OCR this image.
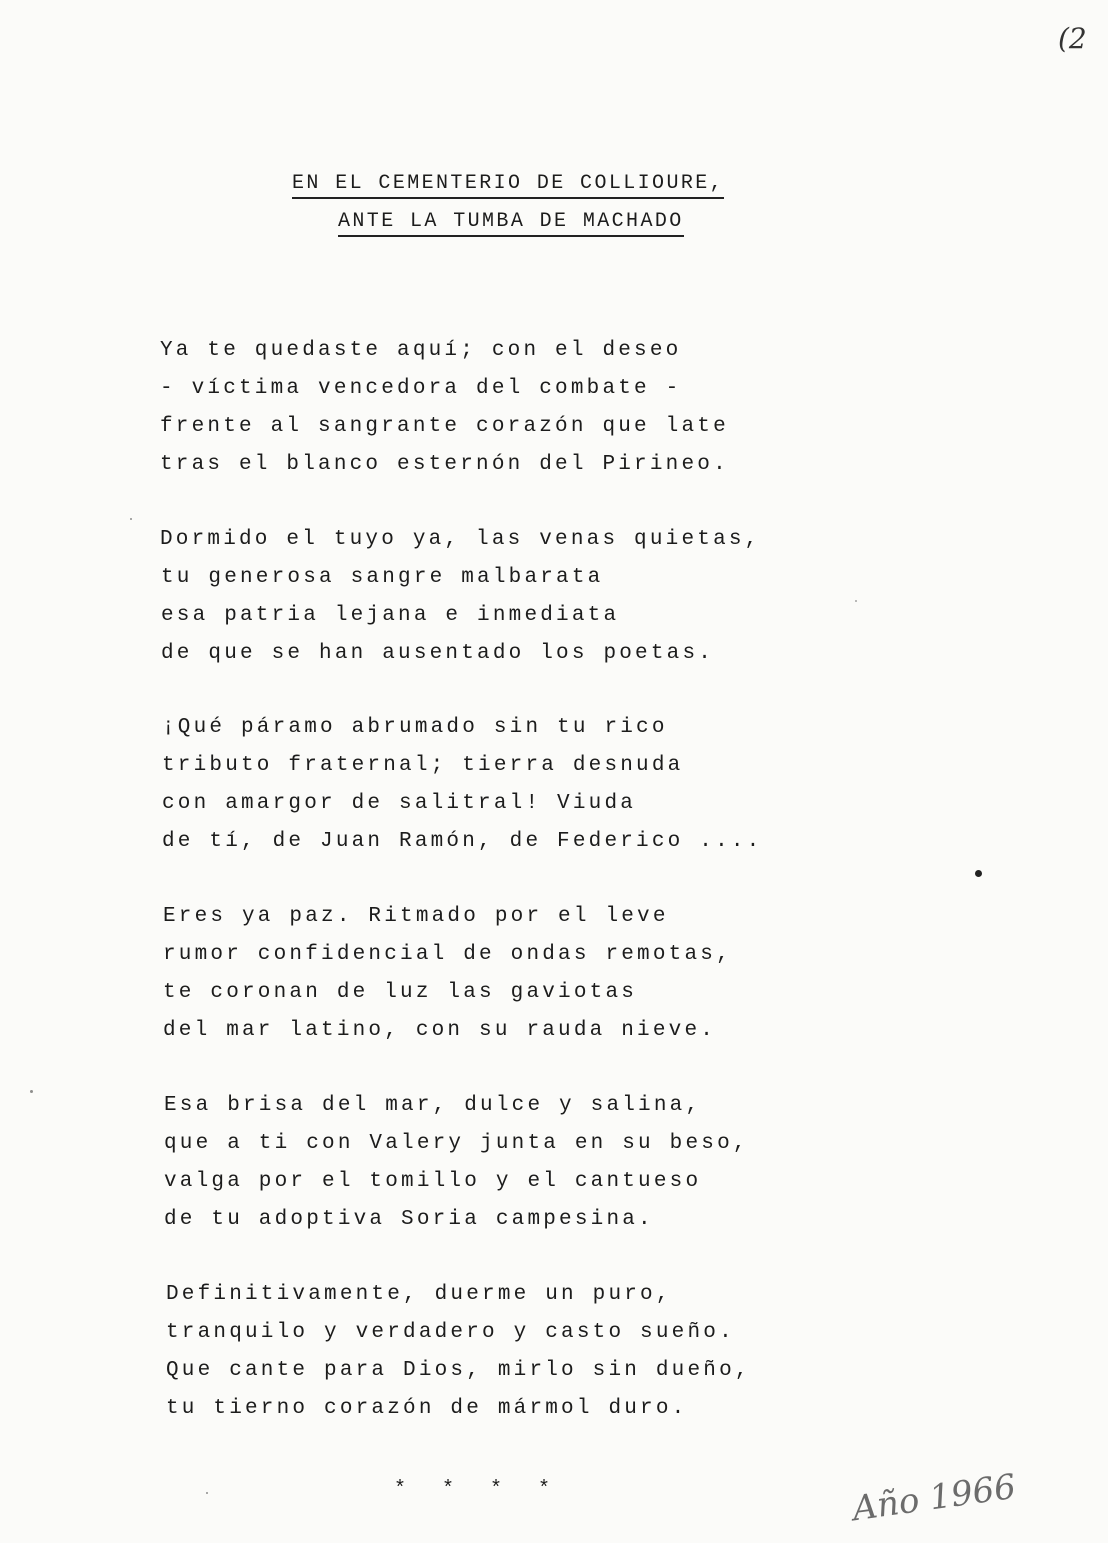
(2
EN EL CEMENTERIO DE COLLIOURE,
ANTE LA TUMBA DE MACHADO
Ya te quedaste aquí; con el deseo
- víctima vencedora del combate -
frente al sangrante corazón que late
tras el blanco esternón del Pirineo.
Dormido el tuyo ya, las venas quietas,
tu generosa sangre malbarata
esa patria lejana e inmediata
de que se han ausentado los poetas.
¡Qué páramo abrumado sin tu rico
tributo fraternal; tierra desnuda
con amargor de salitral! Viuda
de tí, de Juan Ramón, de Federico ....
Eres ya paz. Ritmado por el leve
rumor confidencial de ondas remotas,
te coronan de luz las gaviotas
del mar latino, con su rauda nieve.
Esa brisa del mar, dulce y salina,
que a ti con Valery junta en su beso,
valga por el tomillo y el cantueso
de tu adoptiva Soria campesina.
Definitivamente, duerme un puro,
tranquilo y verdadero y casto sueño.
Que cante para Dios, mirlo sin dueño,
tu tierno corazón de mármol duro.
* * * *	Año 1966
